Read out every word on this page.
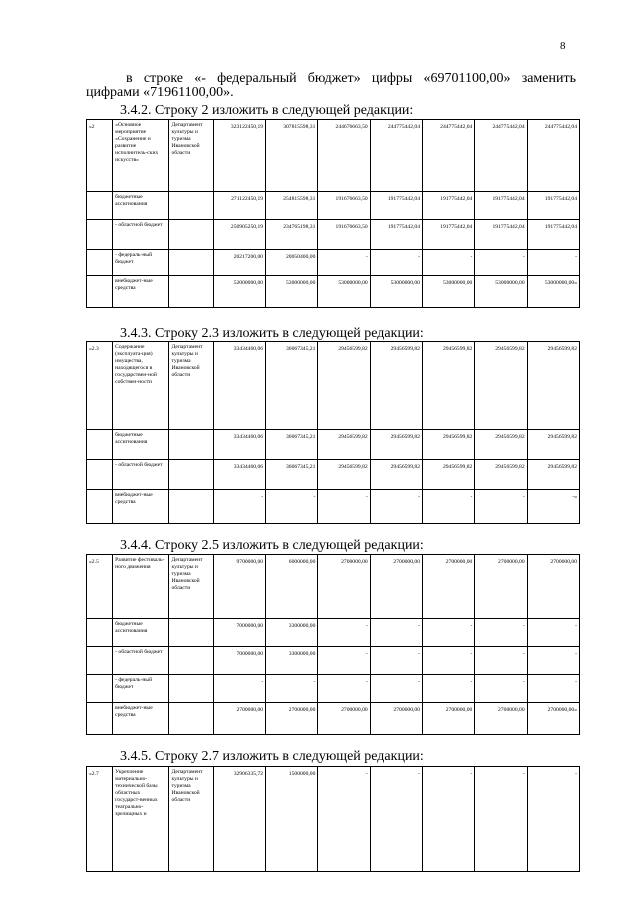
8
в строке «- федеральный бюджет» цифры «69701100,00» заменить
цифрами «71961100,00».
3.4.2. Строку 2 изложить в следующей редакции:
«2	«Основное мероприятие «Сохранение и развитие исполнитель-ских искусств»	Департамент культуры и туризма Ивановской области	323122450,19	307815598,31	244676663,50	244775442,04	244775442,04	244775442,04	244775442,04
	бюджетные ассигнования		271122450,19	254815598,31	191676663,50	191775442,04	191775442,04	191775442,04	191775442,04
	- областной бюджет		250905250,19	234765198,31	191676663,50	191775442,04	191775442,04	191775442,04	191775442,04
	- федераль-ный бюджет		20217200,00	20050400,00	-	-	-	-	-
	внебюджет-ные средства		52000000,00	53000000,00	53000000,00	53000000,00	53000000,00	53000000,00	53000000,00»
3.4.3. Строку 2.3 изложить в следующей редакции:
«2.3	Содержание (эксплуата-ция) имущества, находящегося в государствен-ной собствен-ности	Департамент культуры и туризма Ивановской области	33434460,06	36067345,21	29456599,82	29456599,82	29456599,82	29456599,82	29456599,82
	бюджетные ассигнования		33434460,06	36067345,21	29456599,82	29456599,82	29456599,82	29456599,82	29456599,82
	- областной бюджет		33434460,06	36067345,21	29456599,82	29456599,82	29456599,82	29456599,82	29456599,82
	внебюджет-ные средства		-	-	-	-	-	-	-»
3.4.4. Строку 2.5 изложить в следующей редакции:
«2.5	Развитие фестиваль-ного движения	Департамент культуры и туризма Ивановской области	9700000,00	6000000,00	2700000,00	2700000,00	2700000,00	2700000,00	2700000,00
	бюджетные ассигнования		7000000,00	3300000,00	-	-	-	-	-
	- областной бюджет		7000000,00	3300000,00	-	-	-	-	-
	- федераль-ный бюджет		-	-	-	-	-	-	-
	внебюджет-ные средства		2700000,00	2700000,00	2700000,00	2700000,00	2700000,00	2700000,00	2700000,00»
3.4.5. Строку 2.7 изложить в следующей редакции:
«2.7	Укрепление материально-технической базы областных государст-венных театрально-зрелищных и	Департамент культуры и туризма Ивановской области	32906335,72	1500000,00	-	-	-	-	-
